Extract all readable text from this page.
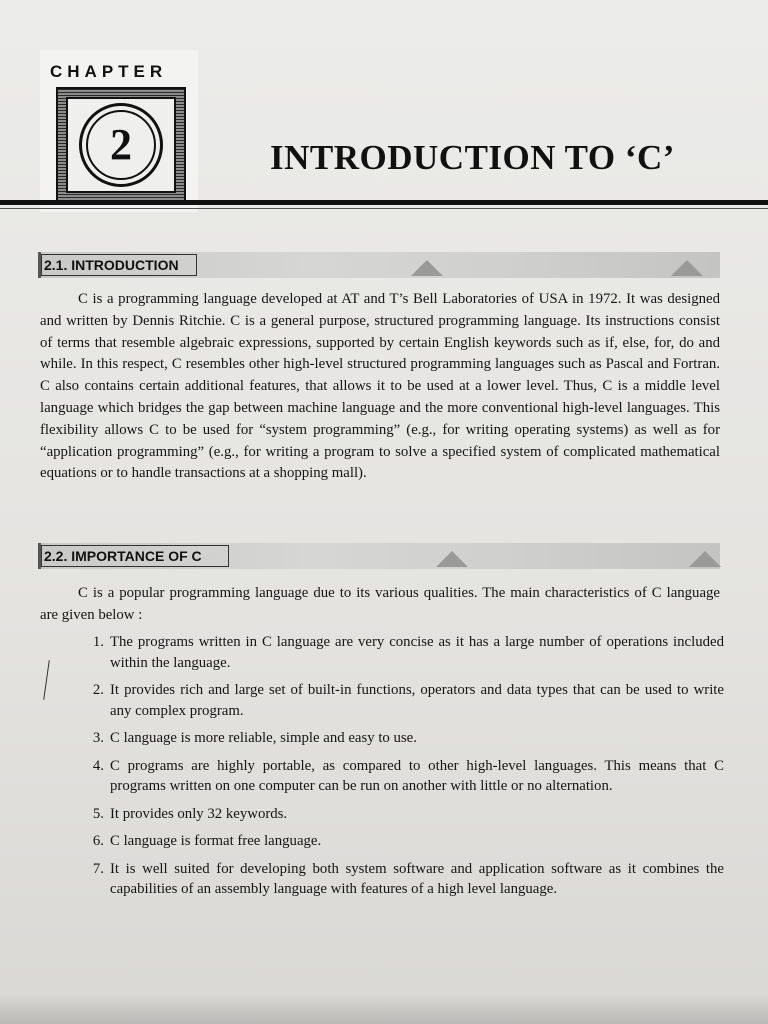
CHAPTER
2	INTRODUCTION TO ‘C’
2.1. INTRODUCTION
C is a programming language developed at AT and T’s Bell Laboratories of USA in 1972. It was designed and written by Dennis Ritchie. C is a general purpose, structured programming language. Its instructions consist of terms that resemble algebraic expressions, supported by certain English keywords such as if, else, for, do and while. In this respect, C resembles other high-level structured programming languages such as Pascal and Fortran. C also contains certain additional features, that allows it to be used at a lower level. Thus, C is a middle level language which bridges the gap between machine language and the more conventional high-level languages. This flexibility allows C to be used for “system programming” (e.g., for writing operating systems) as well as for “application programming” (e.g., for writing a program to solve a specified system of complicated mathematical equations or to handle transactions at a shopping mall).
2.2. IMPORTANCE OF C
C is a popular programming language due to its various qualities. The main characteristics of C language are given below :
1. The programs written in C language are very concise as it has a large number of operations included within the language.
2. It provides rich and large set of built-in functions, operators and data types that can be used to write any complex program.
3. C language is more reliable, simple and easy to use.
4. C programs are highly portable, as compared to other high-level languages. This means that C programs written on one computer can be run on another with little or no alternation.
5. It provides only 32 keywords.
6. C language is format free language.
7. It is well suited for developing both system software and application software as it combines the capabilities of an assembly language with features of a high level language.
